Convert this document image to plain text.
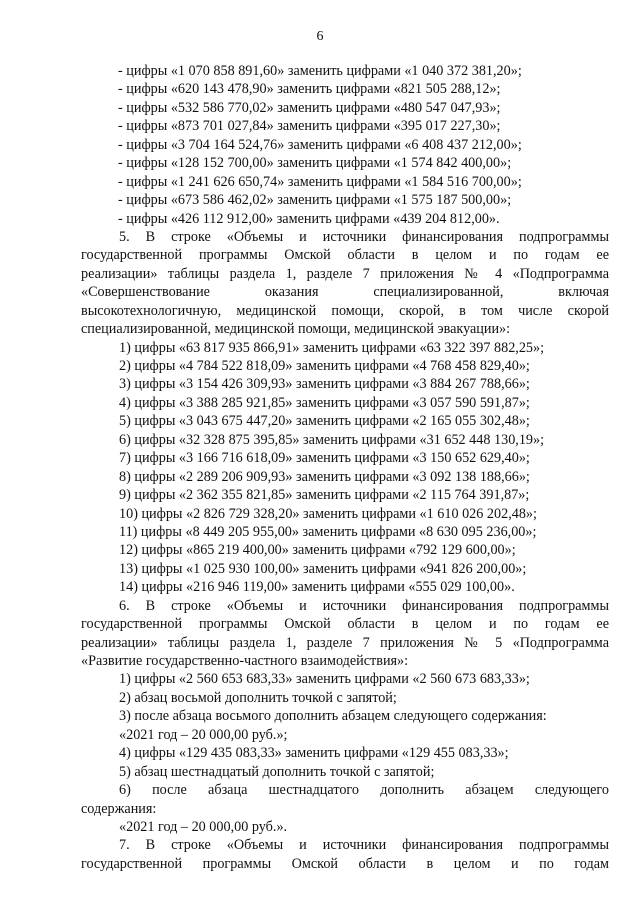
6
- цифры «1 070 858 891,60» заменить цифрами «1 040 372 381,20»;
- цифры «620 143 478,90» заменить цифрами «821 505 288,12»;
- цифры «532 586 770,02» заменить цифрами «480 547 047,93»;
- цифры «873 701 027,84» заменить цифрами «395 017 227,30»;
- цифры «3 704 164 524,76» заменить цифрами «6 408 437 212,00»;
- цифры «128 152 700,00» заменить цифрами «1 574 842 400,00»;
- цифры «1 241 626 650,74» заменить цифрами «1 584 516 700,00»;
- цифры «673 586 462,02» заменить цифрами «1 575 187 500,00»;
- цифры «426 112 912,00» заменить цифрами «439 204 812,00».
5. В строке «Объемы и источники финансирования подпрограммы
государственной программы Омской области в целом и по годам ее
реализации» таблицы раздела 1, разделе 7 приложения № 4 «Подпрограмма
«Совершенствование оказания специализированной, включая
высокотехнологичную, медицинской помощи, скорой, в том числе скорой
специализированной, медицинской помощи, медицинской эвакуации»:
1) цифры «63 817 935 866,91» заменить цифрами «63 322 397 882,25»;
2) цифры «4 784 522 818,09» заменить цифрами «4 768 458 829,40»;
3) цифры «3 154 426 309,93» заменить цифрами «3 884 267 788,66»;
4) цифры «3 388 285 921,85» заменить цифрами «3 057 590 591,87»;
5) цифры «3 043 675 447,20» заменить цифрами «2 165 055 302,48»;
6) цифры «32 328 875 395,85» заменить цифрами «31 652 448 130,19»;
7) цифры «3 166 716 618,09» заменить цифрами «3 150 652 629,40»;
8) цифры «2 289 206 909,93» заменить цифрами «3 092 138 188,66»;
9) цифры «2 362 355 821,85» заменить цифрами «2 115 764 391,87»;
10) цифры «2 826 729 328,20» заменить цифрами «1 610 026 202,48»;
11) цифры «8 449 205 955,00» заменить цифрами «8 630 095 236,00»;
12) цифры «865 219 400,00» заменить цифрами «792 129 600,00»;
13) цифры «1 025 930 100,00» заменить цифрами «941 826 200,00»;
14) цифры «216 946 119,00» заменить цифрами «555 029 100,00».
6. В строке «Объемы и источники финансирования подпрограммы
государственной программы Омской области в целом и по годам ее
реализации» таблицы раздела 1, разделе 7 приложения № 5 «Подпрограмма
«Развитие государственно-частного взаимодействия»:
1) цифры «2 560 653 683,33» заменить цифрами «2 560 673 683,33»;
2) абзац восьмой дополнить точкой с запятой;
3) после абзаца восьмого дополнить абзацем следующего содержания:
«2021 год – 20 000,00 руб.»;
4) цифры «129 435 083,33» заменить цифрами «129 455 083,33»;
5) абзац шестнадцатый дополнить точкой с запятой;
6) после абзаца шестнадцатого дополнить абзацем следующего
содержания:
«2021 год – 20 000,00 руб.».
7. В строке «Объемы и источники финансирования подпрограммы
государственной программы Омской области в целом и по годам
